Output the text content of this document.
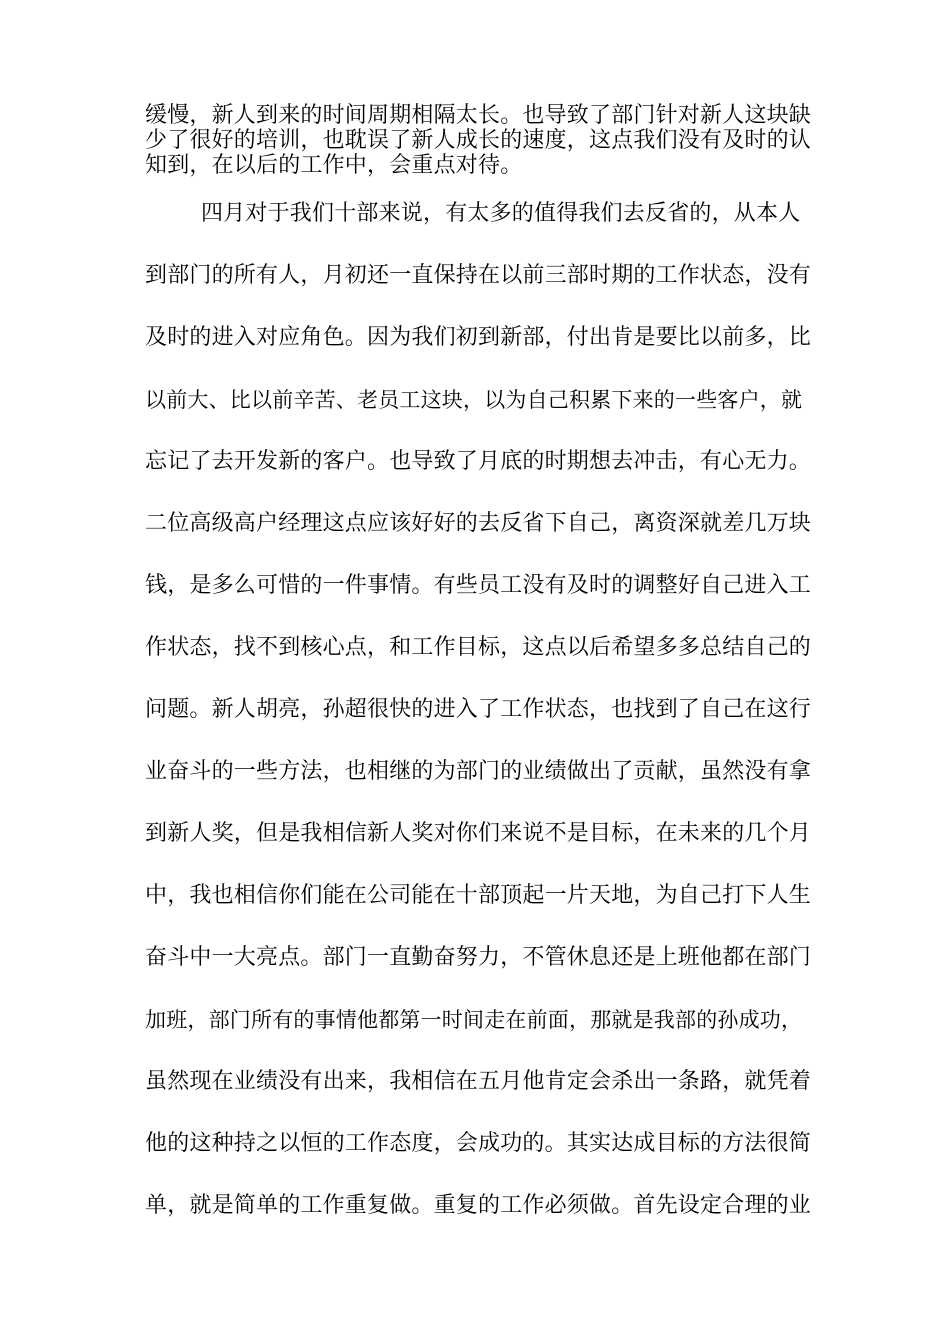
缓慢，新人到来的时间周期相隔太长。也导致了部门针对新人这块缺
少了很好的培训，也耽误了新人成长的速度，这点我们没有及时的认
知到，在以后的工作中，会重点对待。
四月对于我们十部来说，有太多的值得我们去反省的，从本人
到部门的所有人，月初还一直保持在以前三部时期的工作状态，没有
及时的进入对应角色。因为我们初到新部，付出肯是要比以前多，比
以前大、比以前辛苦、老员工这块，以为自己积累下来的一些客户，就
忘记了去开发新的客户。也导致了月底的时期想去冲击，有心无力。
二位高级高户经理这点应该好好的去反省下自己，离资深就差几万块
钱，是多么可惜的一件事情。有些员工没有及时的调整好自己进入工
作状态，找不到核心点，和工作目标，这点以后希望多多总结自己的
问题。新人胡亮，孙超很快的进入了工作状态，也找到了自己在这行
业奋斗的一些方法，也相继的为部门的业绩做出了贡献，虽然没有拿
到新人奖，但是我相信新人奖对你们来说不是目标，在未来的几个月
中，我也相信你们能在公司能在十部顶起一片天地，为自己打下人生
奋斗中一大亮点。部门一直勤奋努力，不管休息还是上班他都在部门
加班，部门所有的事情他都第一时间走在前面，那就是我部的孙成功，
虽然现在业绩没有出来，我相信在五月他肯定会杀出一条路，就凭着
他的这种持之以恒的工作态度，会成功的。其实达成目标的方法很简
单，就是简单的工作重复做。重复的工作必须做。首先设定合理的业
